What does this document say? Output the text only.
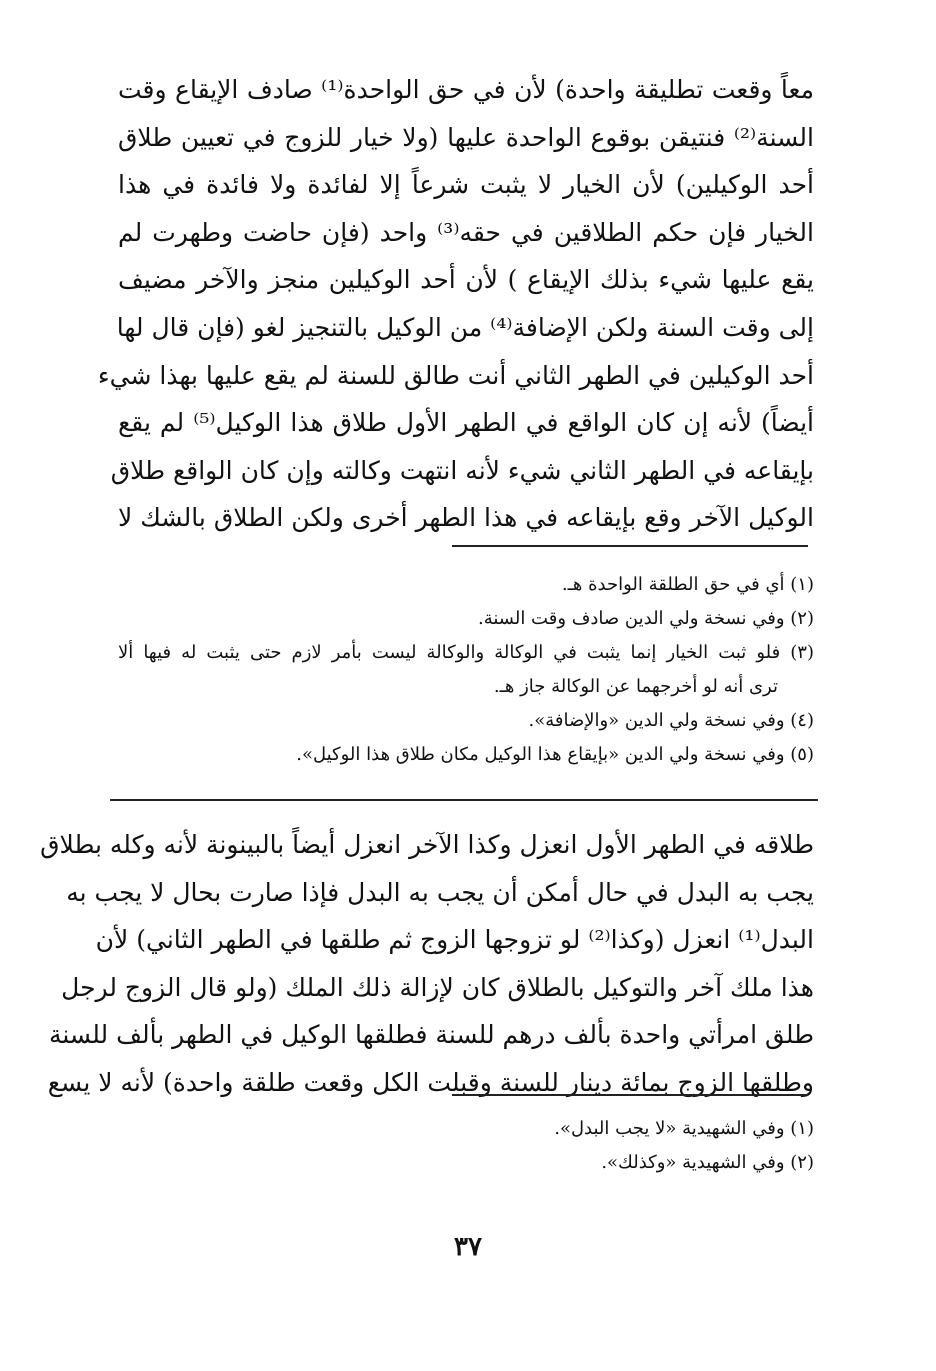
معاً وقعت تطليقة واحدة) لأن في حق الواحدة⁽¹⁾ صادف الإيقاع وقت
السنة⁽²⁾ فنتيقن بوقوع الواحدة عليها (ولا خيار للزوج في تعيين طلاق
أحد الوكيلين) لأن الخيار لا يثبت شرعاً إلا لفائدة ولا فائدة في هذا
الخيار فإن حكم الطلاقين في حقه⁽³⁾ واحد (فإن حاضت وطهرت لم
يقع عليها شيء بذلك الإيقاع ) لأن أحد الوكيلين منجز والآخر مضيف
إلى وقت السنة ولكن الإضافة⁽⁴⁾ من الوكيل بالتنجيز لغو (فإن قال لها
أحد الوكيلين في الطهر الثاني أنت طالق للسنة لم يقع عليها بهذا شيء
أيضاً) لأنه إن كان الواقع في الطهر الأول طلاق هذا الوكيل⁽⁵⁾ لم يقع
بإيقاعه في الطهر الثاني شيء لأنه انتهت وكالته وإن كان الواقع طلاق
الوكيل الآخر وقع بإيقاعه في هذا الطهر أخرى ولكن الطلاق بالشك لا
(١) أي في حق الطلقة الواحدة هـ.
(٢) وفي نسخة ولي الدين صادف وقت السنة.
(٣) فلو ثبت الخيار إنما يثبت في الوكالة والوكالة ليست بأمر لازم حتى يثبت له فيها ألا
ترى أنه لو أخرجهما عن الوكالة جاز هـ.
(٤) وفي نسخة ولي الدين «والإضافة».
(٥) وفي نسخة ولي الدين «بإيقاع هذا الوكيل مكان طلاق هذا الوكيل».
طلاقه في الطهر الأول انعزل وكذا الآخر انعزل أيضاً بالبينونة لأنه وكله بطلاق
يجب به البدل في حال أمكن أن يجب به البدل فإذا صارت بحال لا يجب به
البدل⁽¹⁾ انعزل (وكذا⁽²⁾ لو تزوجها الزوج ثم طلقها في الطهر الثاني) لأن
هذا ملك آخر والتوكيل بالطلاق كان لإزالة ذلك الملك (ولو قال الزوج لرجل
طلق امرأتي واحدة بألف درهم للسنة فطلقها الوكيل في الطهر بألف للسنة
وطلقها الزوج بمائة دينار للسنة وقبلت الكل وقعت طلقة واحدة) لأنه لا يسع
(١) وفي الشهيدية «لا يجب البدل».
(٢) وفي الشهيدية «وكذلك».
٣٧
